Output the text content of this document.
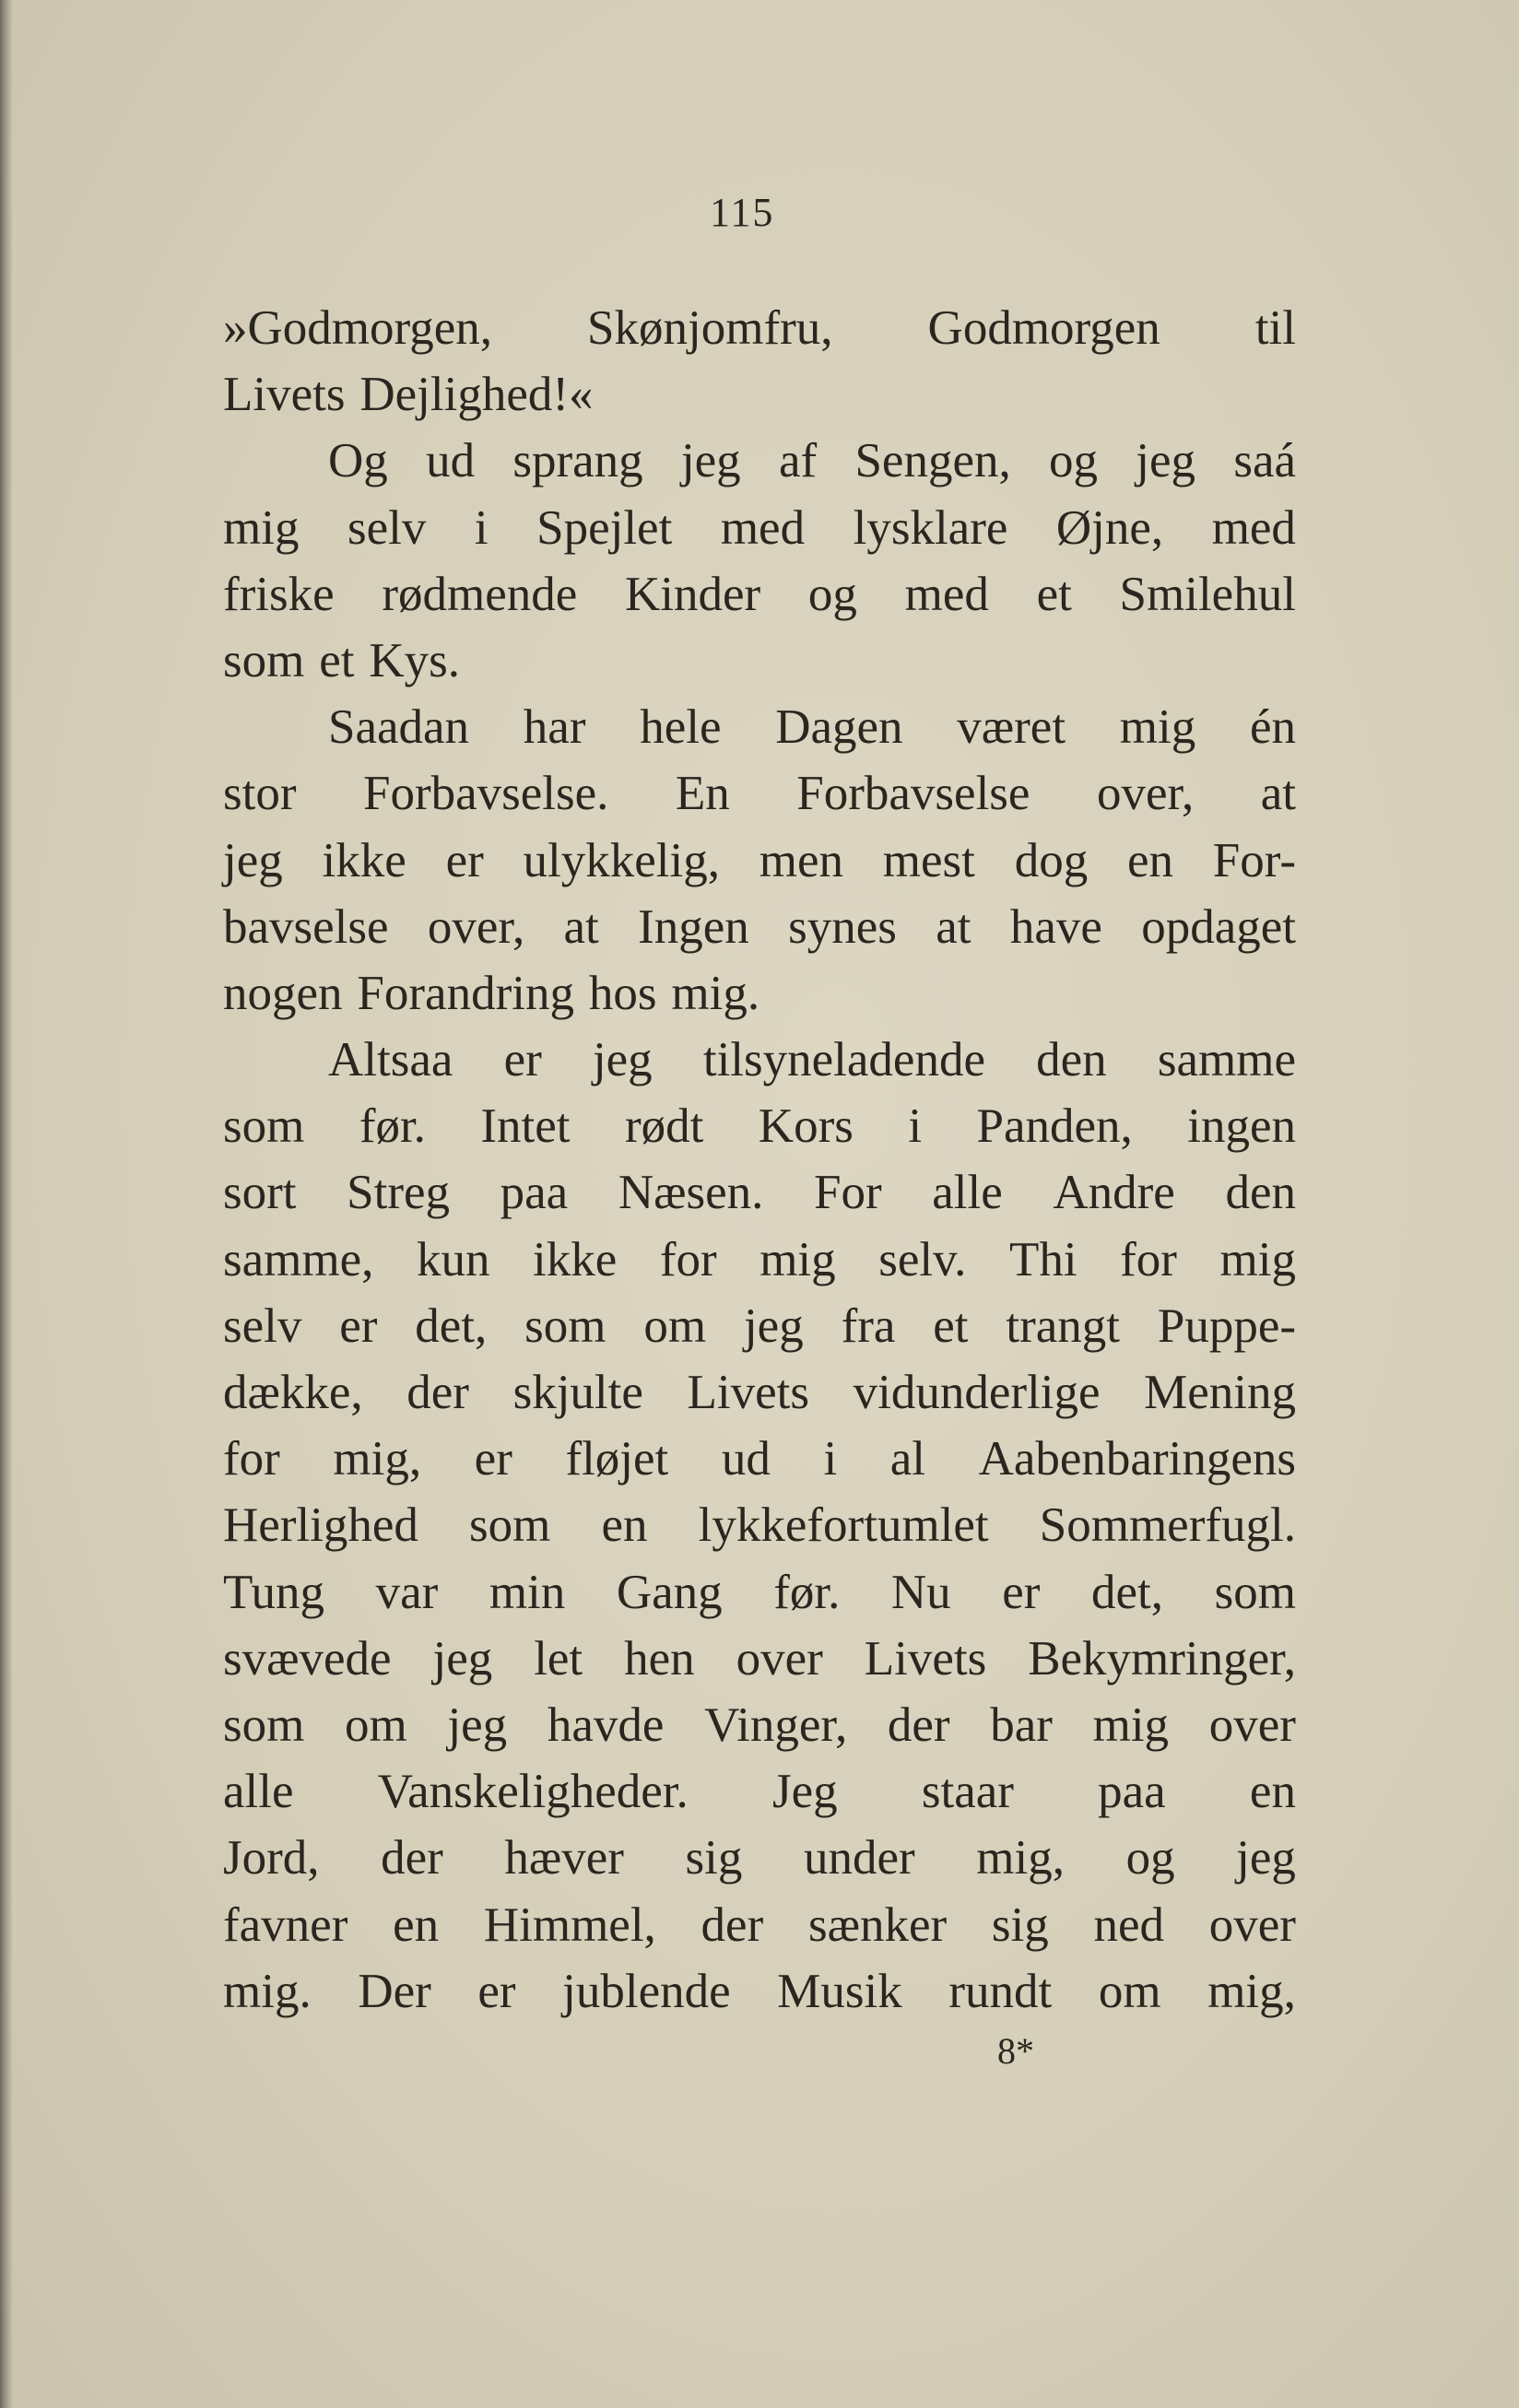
115
»Godmorgen, Skønjomfru, Godmorgen til
Livets Dejlighed!«
Og ud sprang jeg af Sengen, og jeg saá
mig selv i Spejlet med lysklare Øjne, med
friske rødmende Kinder og med et Smilehul
som et Kys.
Saadan har hele Dagen været mig én
stor Forbavselse. En Forbavselse over, at
jeg ikke er ulykkelig, men mest dog en For-
bavselse over, at Ingen synes at have opdaget
nogen Forandring hos mig.
Altsaa er jeg tilsyneladende den samme
som før. Intet rødt Kors i Panden, ingen
sort Streg paa Næsen. For alle Andre den
samme, kun ikke for mig selv. Thi for mig
selv er det, som om jeg fra et trangt Puppe-
dække, der skjulte Livets vidunderlige Mening
for mig, er fløjet ud i al Aabenbaringens
Herlighed som en lykkefortumlet Sommerfugl.
Tung var min Gang før. Nu er det, som
svævede jeg let hen over Livets Bekymringer,
som om jeg havde Vinger, der bar mig over
alle Vanskeligheder. Jeg staar paa en
Jord, der hæver sig under mig, og jeg
favner en Himmel, der sænker sig ned over
mig. Der er jublende Musik rundt om mig,
8*
